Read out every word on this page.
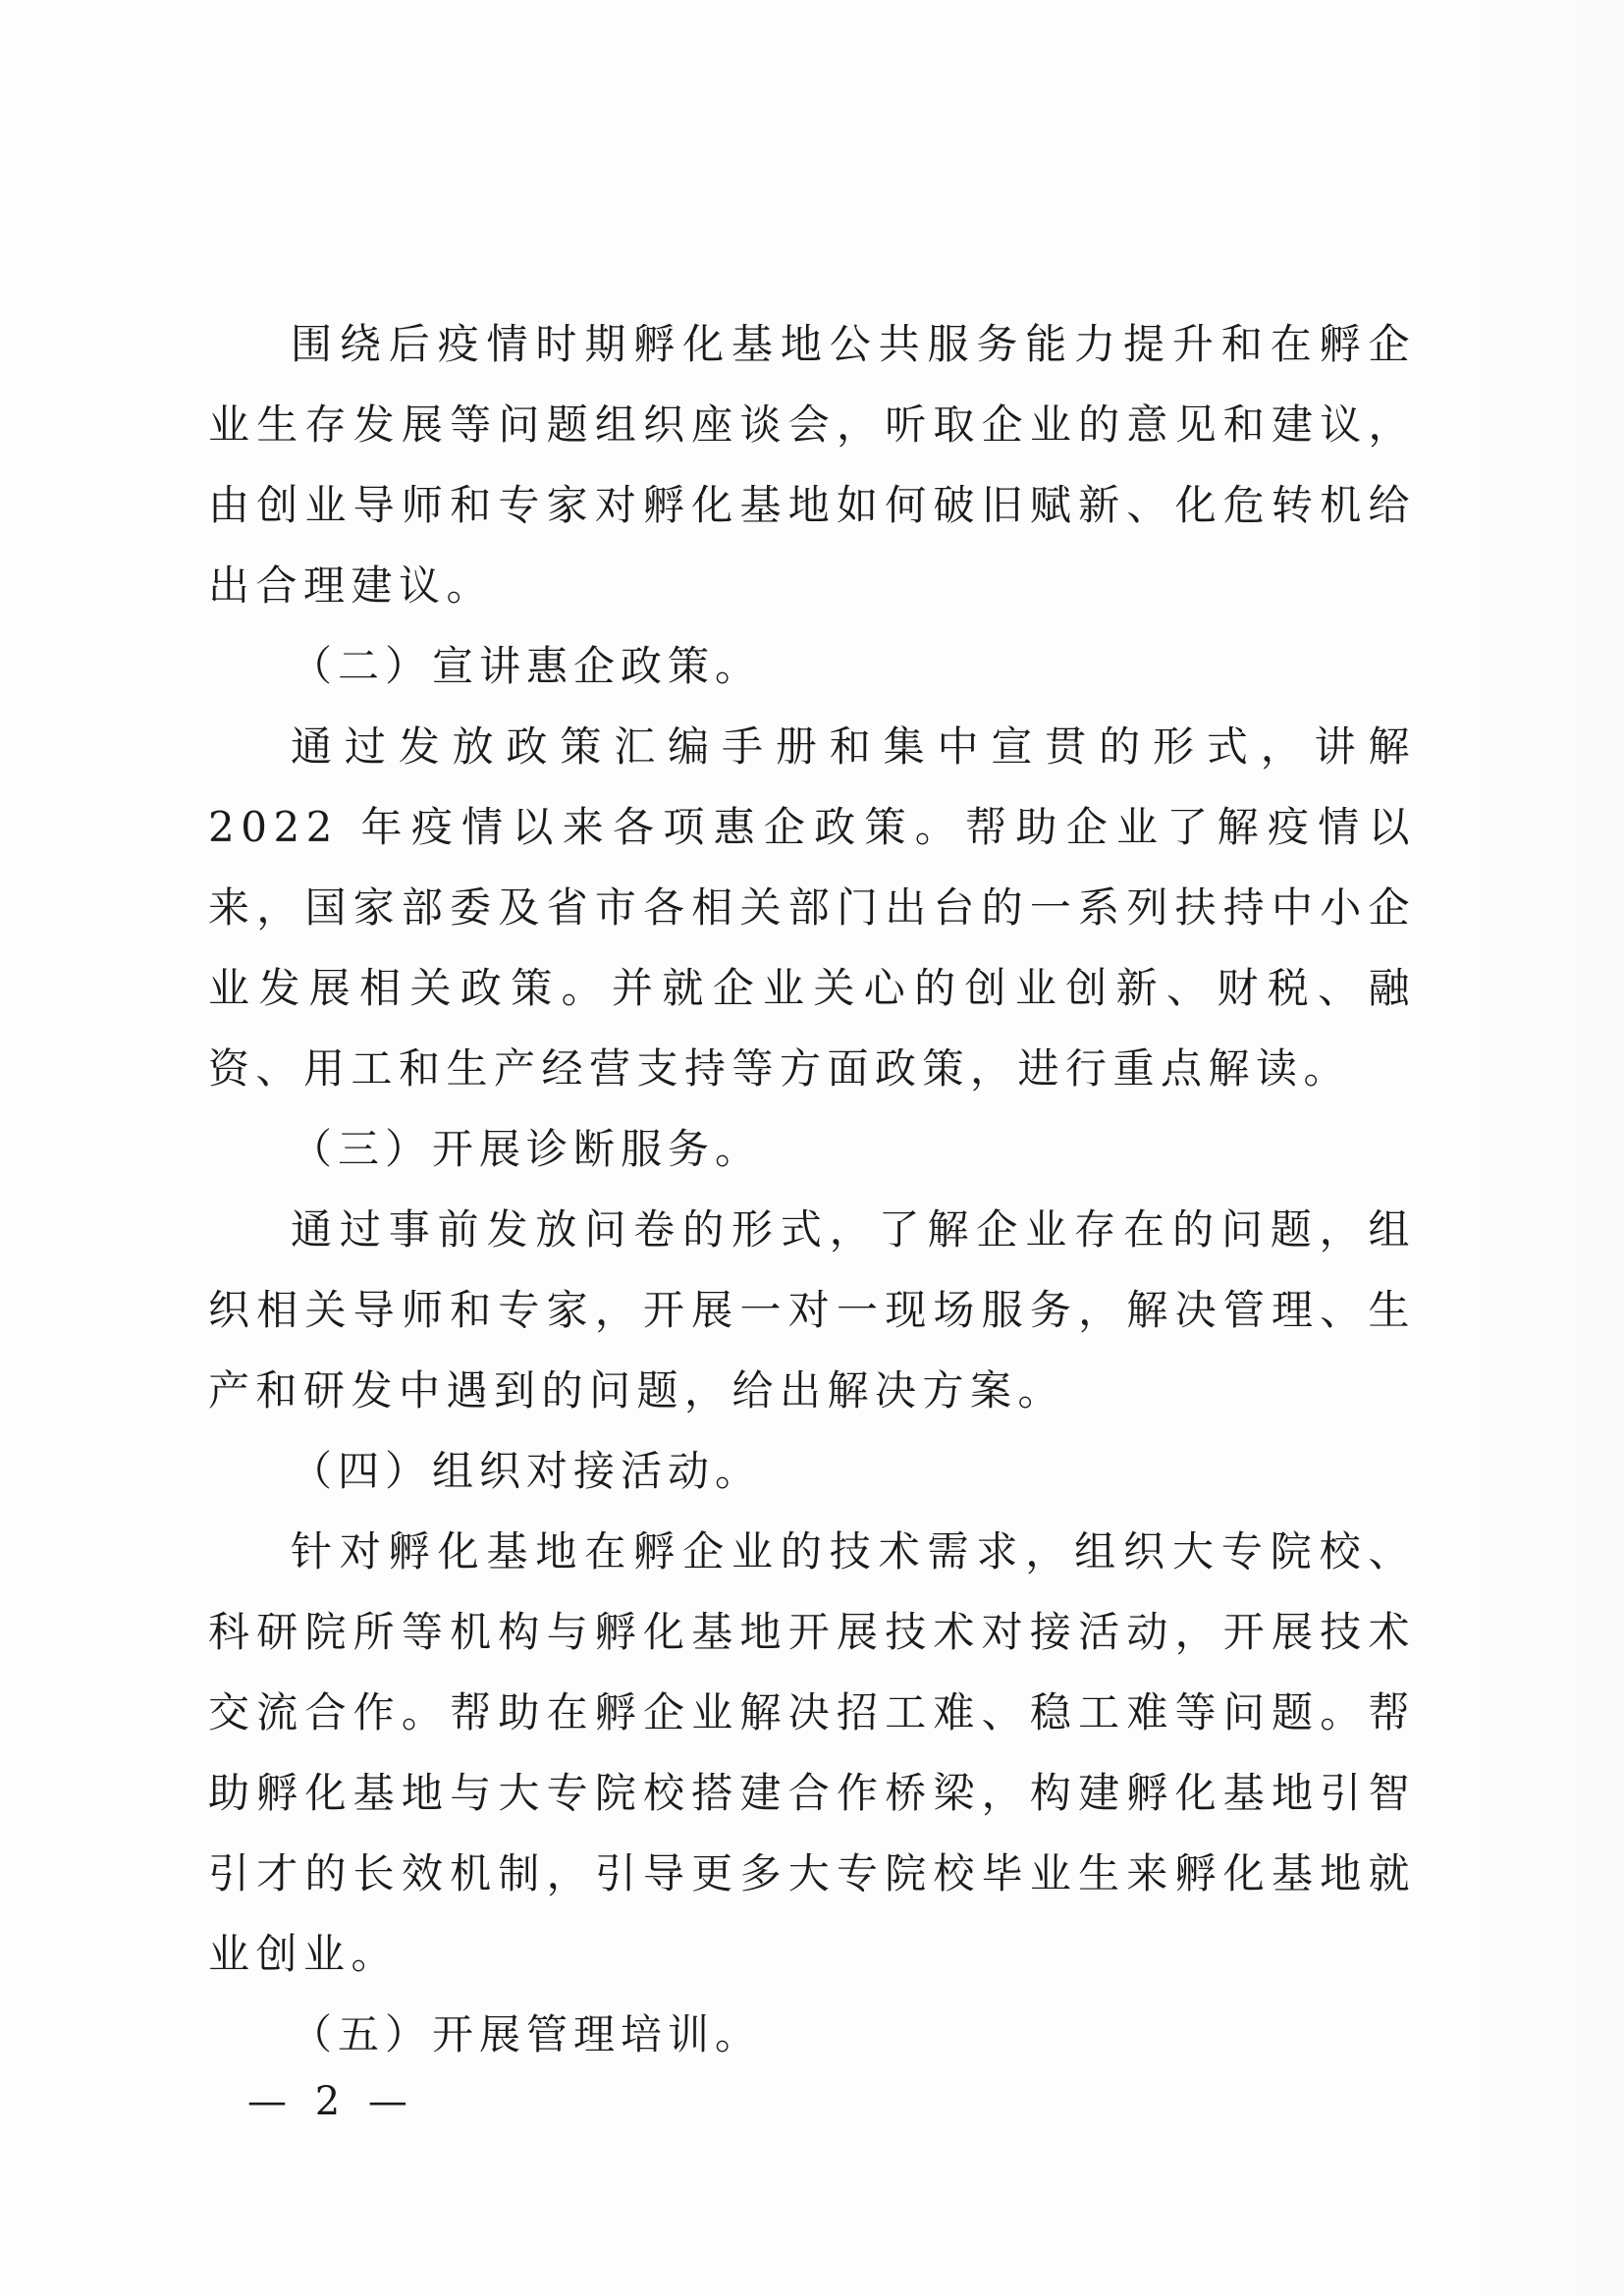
围绕后疫情时期孵化基地公共服务能力提升和在孵企业生存发展等问题组织座谈会，听取企业的意见和建议，由创业导师和专家对孵化基地如何破旧赋新、化危转机给出合理建议。

（二）宣讲惠企政策。

通过发放政策汇编手册和集中宣贯的形式，讲解 2022 年疫情以来各项惠企政策。帮助企业了解疫情以来，国家部委及省市各相关部门出台的一系列扶持中小企业发展相关政策。并就企业关心的创业创新、财税、融资、用工和生产经营支持等方面政策，进行重点解读。

（三）开展诊断服务。

通过事前发放问卷的形式，了解企业存在的问题，组织相关导师和专家，开展一对一现场服务，解决管理、生产和研发中遇到的问题，给出解决方案。

（四）组织对接活动。

针对孵化基地在孵企业的技术需求，组织大专院校、科研院所等机构与孵化基地开展技术对接活动，开展技术交流合作。帮助在孵企业解决招工难、稳工难等问题。帮助孵化基地与大专院校搭建合作桥梁，构建孵化基地引智引才的长效机制，引导更多大专院校毕业生来孵化基地就业创业。

（五）开展管理培训。

— 2 —
